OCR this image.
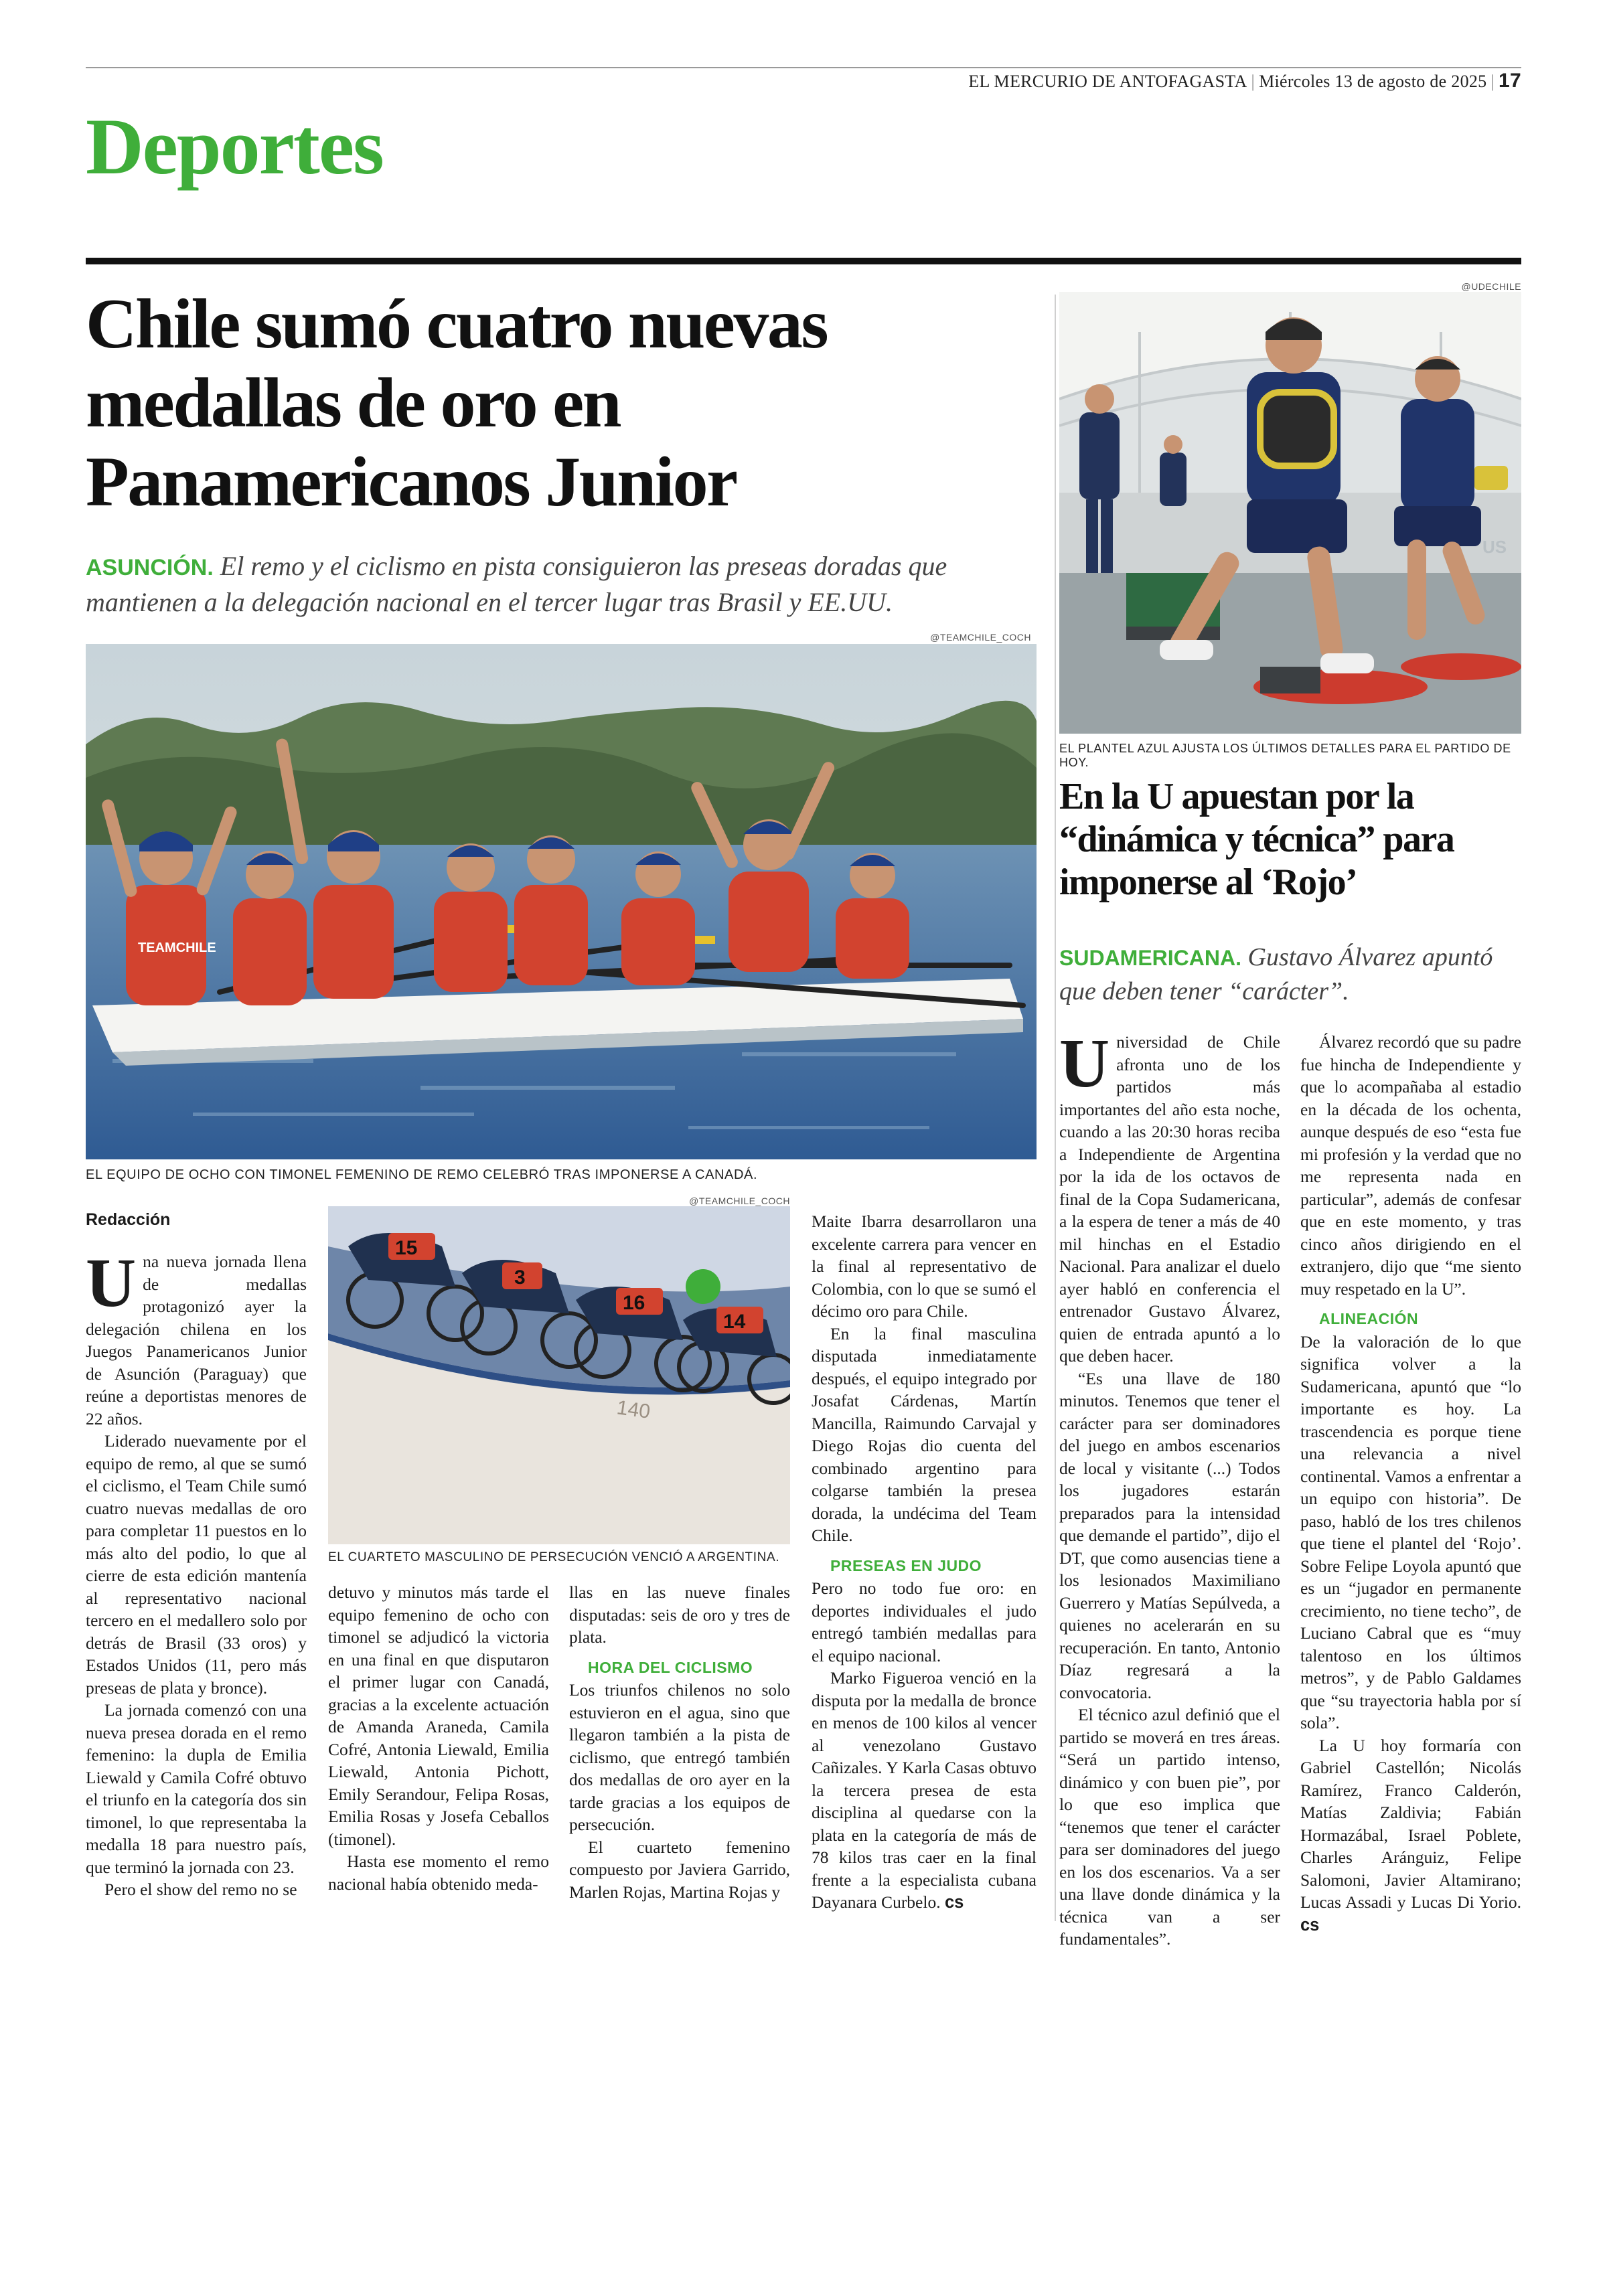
EL MERCURIO DE ANTOFAGASTA | Miércoles 13 de agosto de 2025 | 17
Deportes
Chile sumó cuatro nuevas medallas de oro en Panamericanos Junior
ASUNCIÓN. El remo y el ciclismo en pista consiguieron las preseas doradas que mantienen a la delegación nacional en el tercer lugar tras Brasil y EE.UU.
@TEAMCHILE_COCH
TEAMCHILE
EL EQUIPO DE OCHO CON TIMONEL FEMENINO DE REMO CELEBRÓ TRAS IMPONERSE A CANADÁ.
@TEAMCHILE_COCH
140
15
3
16
14
EL CUARTETO MASCULINO DE PERSECUCIÓN VENCIÓ A ARGENTINA.
Redacción

Una nueva jornada llena de medallas protagonizó ayer la delegación chilena en los Juegos Panamericanos Junior de Asunción (Paraguay) que reúne a deportistas menores de 22 años.

Liderado nuevamente por el equipo de remo, al que se sumó el ciclismo, el Team Chile sumó cuatro nuevas medallas de oro para completar 11 puestos en lo más alto del podio, lo que al cierre de esta edición mantenía al representativo nacional tercero en el medallero solo por detrás de Brasil (33 oros) y Estados Unidos (11, pero más preseas de plata y bronce).

La jornada comenzó con una nueva presea dorada en el remo femenino: la dupla de Emilia Liewald y Camila Cofré obtuvo el triunfo en la categoría dos sin timonel, lo que representaba la medalla 18 para nuestro país, que terminó la jornada con 23.

Pero el show del remo no se

detuvo y minutos más tarde el equipo femenino de ocho con timonel se adjudicó la victoria en una final en que disputaron el primer lugar con Canadá, gracias a la excelente actuación de Amanda Araneda, Camila Cofré, Antonia Liewald, Emilia Liewald, Antonia Pichott, Emily Serandour, Felipa Rosas, Emilia Rosas y Josefa Ceballos (timonel).

Hasta ese momento el remo nacional había obtenido meda-

llas en las nueve finales disputadas: seis de oro y tres de plata.

HORA DEL CICLISMO

Los triunfos chilenos no solo estuvieron en el agua, sino que llegaron también a la pista de ciclismo, que entregó también dos medallas de oro ayer en la tarde gracias a los equipos de persecución.

El cuarteto femenino compuesto por Javiera Garrido, Marlen Rojas, Martina Rojas y

Maite Ibarra desarrollaron una excelente carrera para vencer en la final al representativo de Colombia, con lo que se sumó el décimo oro para Chile.

En la final masculina disputada inmediatamente después, el equipo integrado por Josafat Cárdenas, Martín Mancilla, Raimundo Carvajal y Diego Rojas dio cuenta del combinado argentino para colgarse también la presea dorada, la undécima del Team Chile.

PRESEAS EN JUDO

Pero no todo fue oro: en deportes individuales el judo entregó también medallas para el equipo nacional.

Marko Figueroa venció en la disputa por la medalla de bronce en menos de 100 kilos al vencer al venezolano Gustavo Cañizales. Y Karla Casas obtuvo la tercera presea de esta disciplina al quedarse con la plata en la categoría de más de 78 kilos tras caer en la final frente a la especialista cubana Dayanara Curbelo. cs

@UDECHILE
US
EL PLANTEL AZUL AJUSTA LOS ÚLTIMOS DETALLES PARA EL PARTIDO DE HOY.
En la U apuestan por la “dinámica y técnica” para imponerse al ‘Rojo’
SUDAMERICANA. Gustavo Álvarez apuntó que deben tener “carácter”.

Universidad de Chile afronta uno de los partidos más importantes del año esta noche, cuando a las 20:30 horas reciba a Independiente de Argentina por la ida de los octavos de final de la Copa Sudamericana, a la espera de tener a más de 40 mil hinchas en el Estadio Nacional. Para analizar el duelo ayer habló en conferencia el entrenador Gustavo Álvarez, quien de entrada apuntó a lo que deben hacer.

“Es una llave de 180 minutos. Tenemos que tener el carácter para ser dominadores del juego en ambos escenarios de local y visitante (...) Todos los jugadores estarán preparados para la intensidad que demande el partido”, dijo el DT, que como ausencias tiene a los lesionados Maximiliano Guerrero y Matías Sepúlveda, a quienes no acelerarán en su recuperación. En tanto, Antonio Díaz regresará a la convocatoria.

El técnico azul definió que el partido se moverá en tres áreas. “Será un partido intenso, dinámico y con buen pie”, por lo que eso implica que “tenemos que tener el carácter para ser dominadores del juego en los dos escenarios. Va a ser una llave donde dinámica y la técnica van a ser fundamentales”.

Álvarez recordó que su padre fue hincha de Independiente y que lo acompañaba al estadio en la década de los ochenta, aunque después de eso “esta fue mi profesión y la verdad que no me representa nada en particular”, además de confesar que en este momento, y tras cinco años dirigiendo en el extranjero, dijo que “me siento muy respetado en la U”.

ALINEACIÓN

De la valoración de lo que significa volver a la Sudamericana, apuntó que “lo importante es hoy. La trascendencia es porque tiene una relevancia a nivel continental. Vamos a enfrentar a un equipo con historia”. De paso, habló de los tres chilenos que tiene el plantel del ‘Rojo’. Sobre Felipe Loyola apuntó que es un “jugador en permanente crecimiento, no tiene techo”, de Luciano Cabral que es “muy talentoso en los últimos metros”, y de Pablo Galdames que “su trayectoria habla por sí sola”.

La U hoy formaría con Gabriel Castellón; Nicolás Ramírez, Franco Calderón, Matías Zaldivia; Fabián Hormazábal, Israel Poblete, Charles Aránguiz, Felipe Salomoni, Javier Altamirano; Lucas Assadi y Lucas Di Yorio. cs
